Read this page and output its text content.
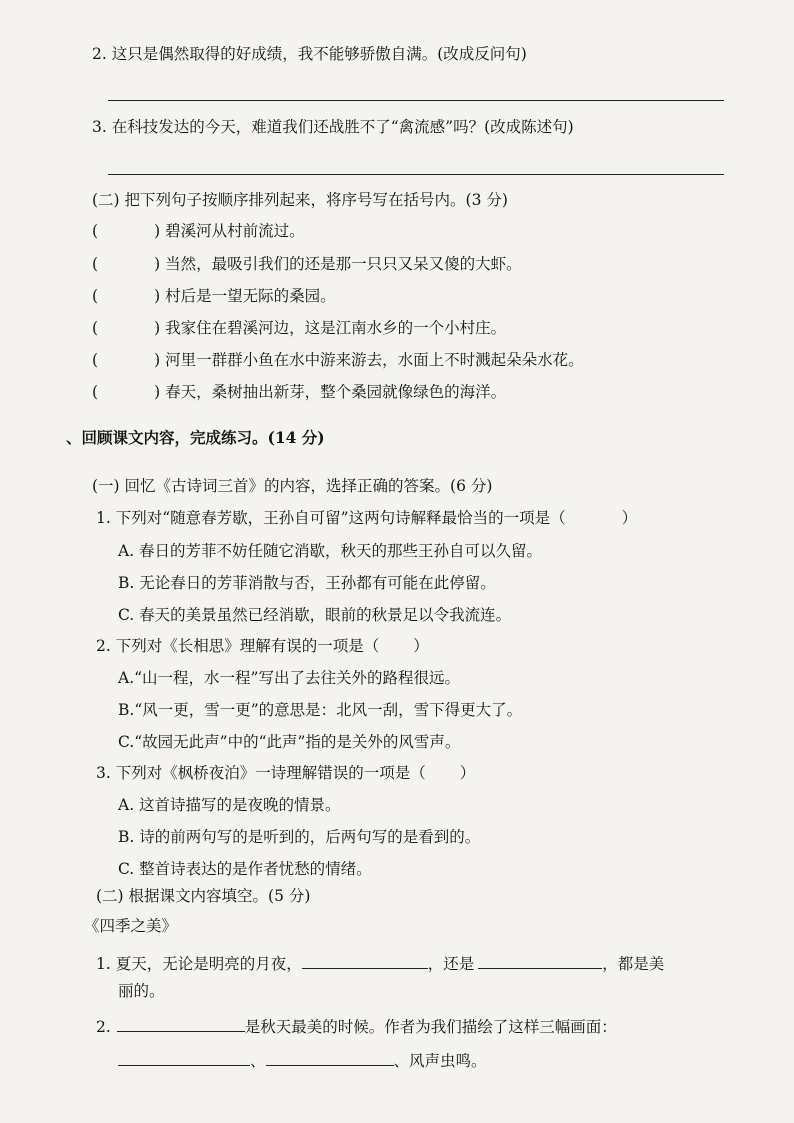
2. 这只是偶然取得的好成绩，我不能够骄傲自满。(改成反问句)
3. 在科技发达的今天，难道我们还战胜不了“禽流感”吗？(改成陈述句)
(二) 把下列句子按顺序排列起来，将序号写在括号内。(3 分)
(	) 碧溪河从村前流过。
(	) 当然，最吸引我们的还是那一只只又呆又傻的大虾。
(	) 村后是一望无际的桑园。
(	) 我家住在碧溪河边，这是江南水乡的一个小村庄。
(	) 河里一群群小鱼在水中游来游去，水面上不时溅起朵朵水花。
(	) 春天，桑树抽出新芽，整个桑园就像绿色的海洋。
、回顾课文内容，完成练习。(14 分)
(一) 回忆《古诗词三首》的内容，选择正确的答案。(6 分)
1. 下列对“随意春芳歇，王孙自可留”这两句诗解释最恰当的一项是（	）
A. 春日的芳菲不妨任随它消歇，秋天的那些王孙自可以久留。
B. 无论春日的芳菲消散与否，王孙都有可能在此停留。
C. 春天的美景虽然已经消歇，眼前的秋景足以令我流连。
2. 下列对《长相思》理解有误的一项是（ ）
A.“山一程，水一程”写出了去往关外的路程很远。
B.“风一更，雪一更”的意思是：北风一刮，雪下得更大了。
C.“故园无此声”中的“此声”指的是关外的风雪声。
3. 下列对《枫桥夜泊》一诗理解错误的一项是（ ）
A. 这首诗描写的是夜晚的情景。
B. 诗的前两句写的是听到的，后两句写的是看到的。
C. 整首诗表达的是作者忧愁的情绪。
(二) 根据课文内容填空。(5 分)
《四季之美》
1. 夏天，无论是明亮的月夜，	，还是	，都是美
丽的。
2.	是秋天最美的时候。作者为我们描绘了这样三幅画面：
、	、风声虫鸣。
